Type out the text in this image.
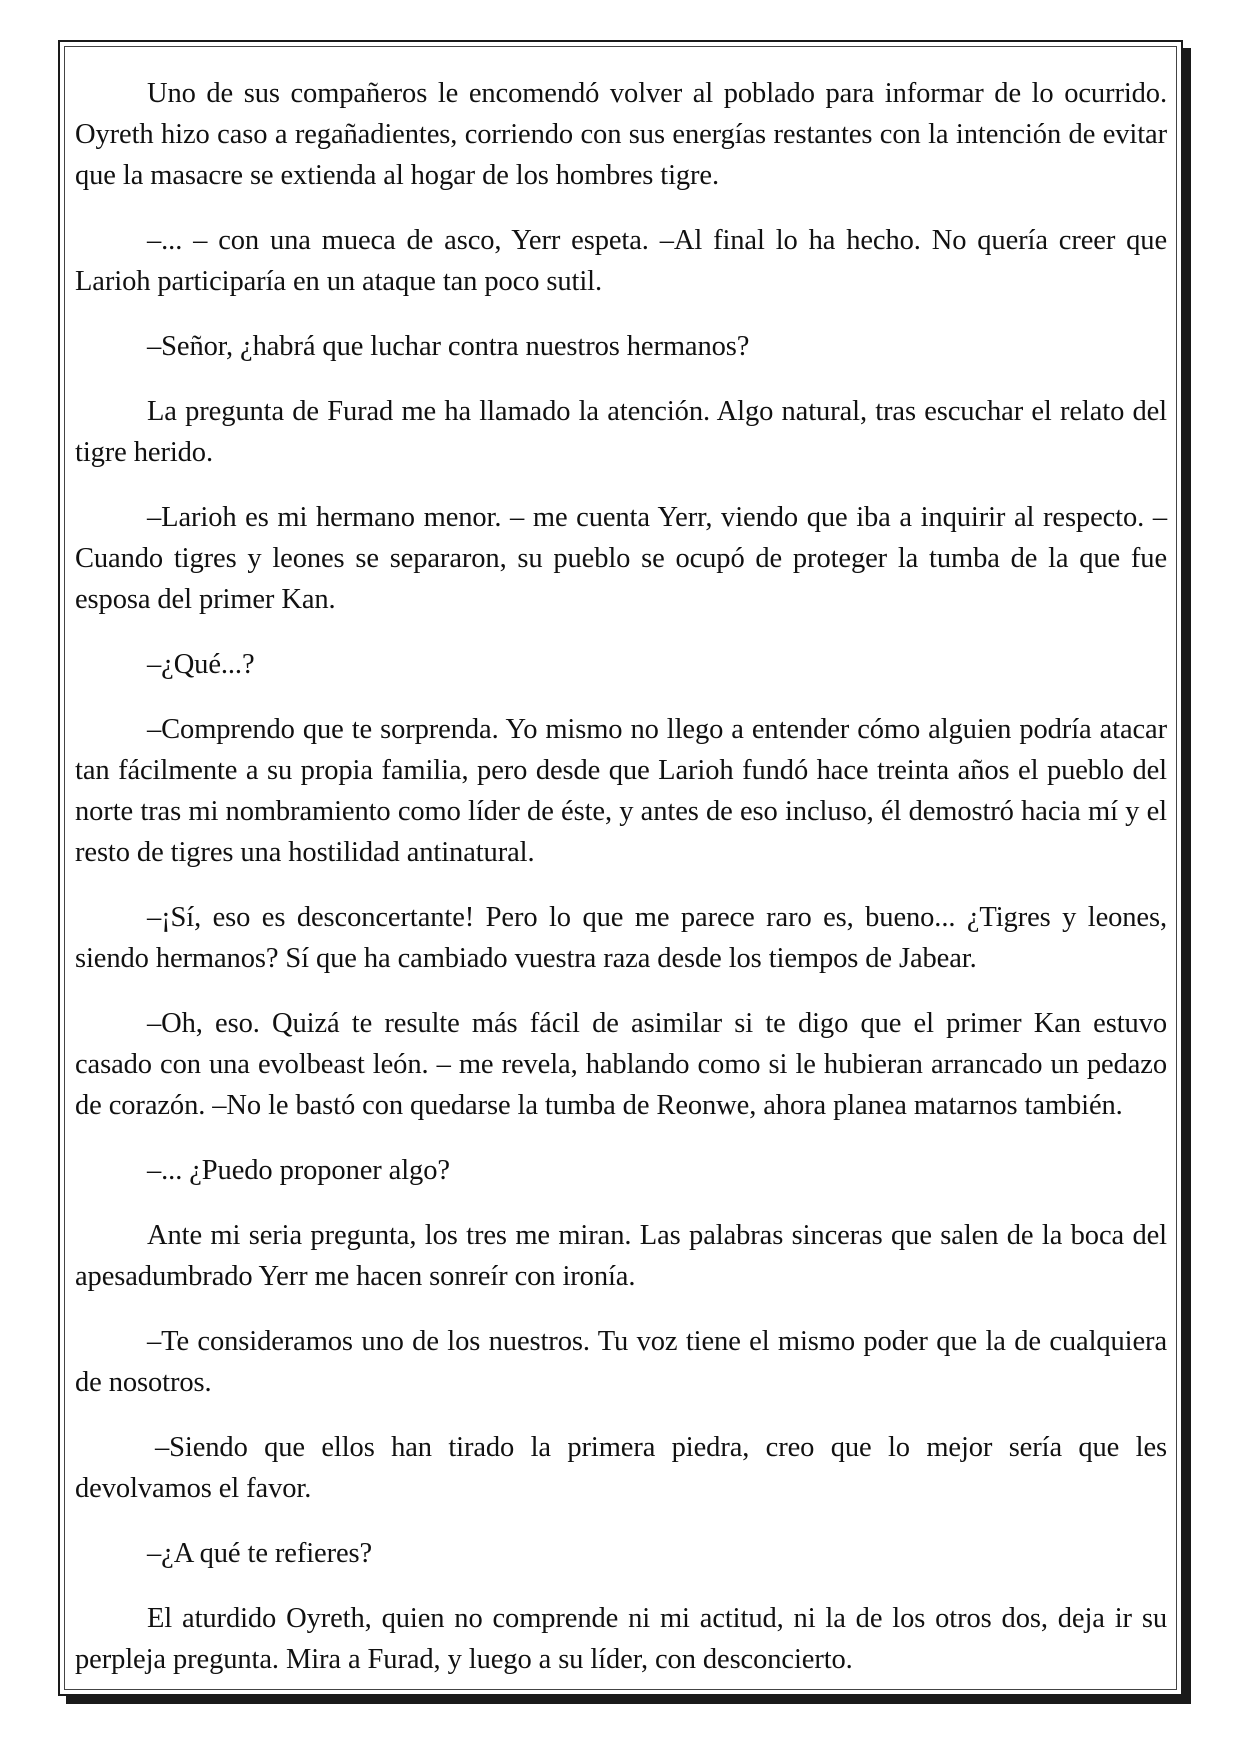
Uno de sus compañeros le encomendó volver al poblado para informar de lo ocurrido. Oyreth hizo caso a regañadientes, corriendo con sus energías restantes con la intención de evitar que la masacre se extienda al hogar de los hombres tigre.

–... – con una mueca de asco, Yerr espeta. –Al final lo ha hecho. No quería creer que Larioh participaría en un ataque tan poco sutil.

–Señor, ¿habrá que luchar contra nuestros hermanos?

La pregunta de Furad me ha llamado la atención. Algo natural, tras escuchar el relato del tigre herido.

–Larioh es mi hermano menor. – me cuenta Yerr, viendo que iba a inquirir al respecto. –Cuando tigres y leones se separaron, su pueblo se ocupó de proteger la tumba de la que fue esposa del primer Kan.

–¿Qué...?

–Comprendo que te sorprenda. Yo mismo no llego a entender cómo alguien podría atacar tan fácilmente a su propia familia, pero desde que Larioh fundó hace treinta años el pueblo del norte tras mi nombramiento como líder de éste, y antes de eso incluso, él demostró hacia mí y el resto de tigres una hostilidad antinatural.

–¡Sí, eso es desconcertante! Pero lo que me parece raro es, bueno... ¿Tigres y leones, siendo hermanos? Sí que ha cambiado vuestra raza desde los tiempos de Jabear.

–Oh, eso. Quizá te resulte más fácil de asimilar si te digo que el primer Kan estuvo casado con una evolbeast león. – me revela, hablando como si le hubieran arrancado un pedazo de corazón. –No le bastó con quedarse la tumba de Reonwe, ahora planea matarnos también.

–... ¿Puedo proponer algo?

Ante mi seria pregunta, los tres me miran. Las palabras sinceras que salen de la boca del apesadumbrado Yerr me hacen sonreír con ironía.

–Te consideramos uno de los nuestros. Tu voz tiene el mismo poder que la de cualquiera de nosotros.

–Siendo que ellos han tirado la primera piedra, creo que lo mejor sería que les devolvamos el favor.

–¿A qué te refieres?

El aturdido Oyreth, quien no comprende ni mi actitud, ni la de los otros dos, deja ir su perpleja pregunta. Mira a Furad, y luego a su líder, con desconcierto.
